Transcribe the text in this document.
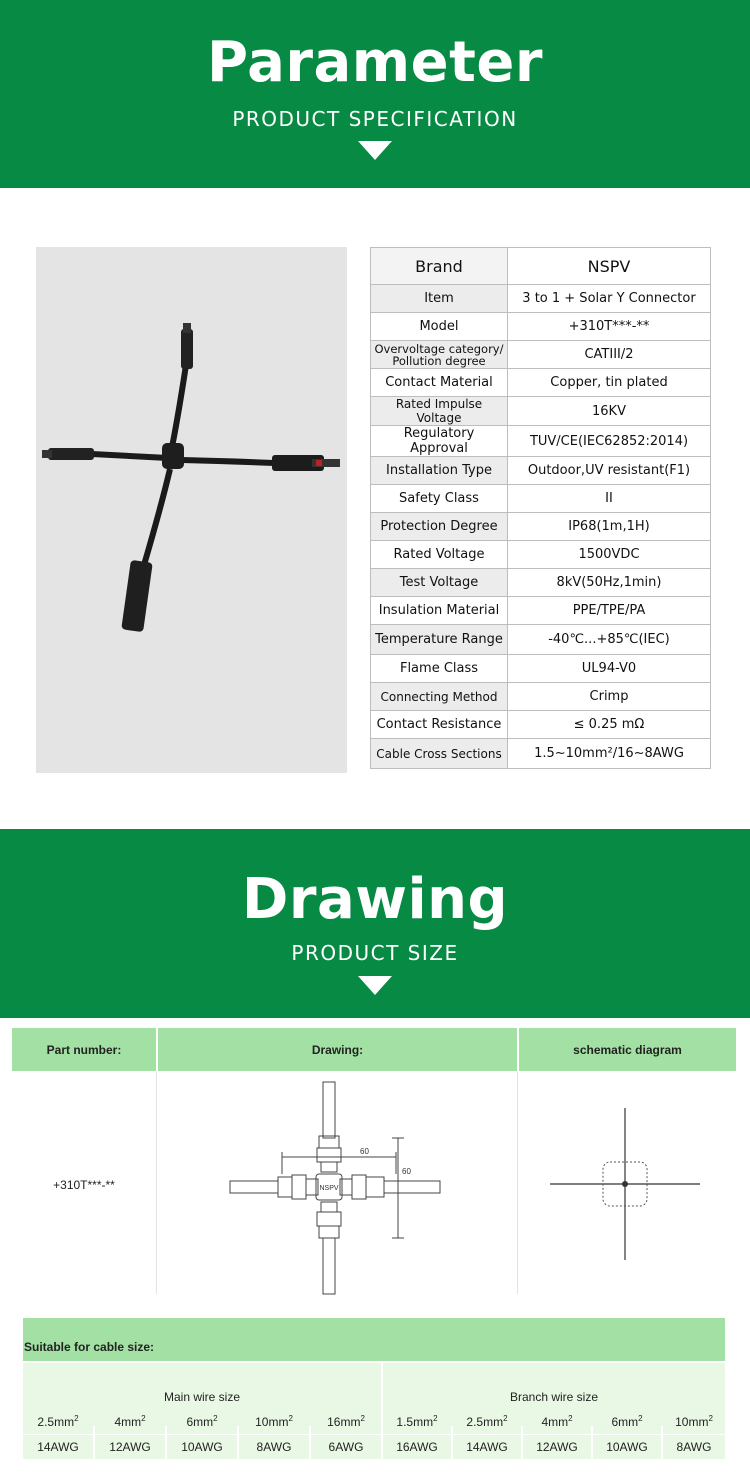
Parameter
PRODUCT SPECIFICATION
Brand	NSPV
Item	3 to 1 + Solar Y Connector
Model	+310T***-**
Overvoltage category/ Pollution degree	CATIII/2
Contact Material	Copper, tin plated
Rated Impulse Voltage	16KV
Regulatory Approval	TUV/CE(IEC62852:2014)
Installation Type	Outdoor,UV resistant(F1)
Safety Class	II
Protection Degree	IP68(1m,1H)
Rated Voltage	1500VDC
Test Voltage	8kV(50Hz,1min)
Insulation Material	PPE/TPE/PA
Temperature Range	-40℃...+85℃(IEC)
Flame Class	UL94-V0
Connecting Method	Crimp
Contact Resistance	≤ 0.25 mΩ
Cable Cross Sections	1.5~10mm²/16~8AWG
Drawing
PRODUCT SIZE
Part number:	Drawing:	schematic diagram
+310T***-**
60
60
NSPV
Suitable for cable size:
Main wire size	Branch wire size
$2.5mm^2$	$4mm^2$	$6mm^2$	$10mm^2$	$16mm^2$
14AWG	12AWG	10AWG	8AWG	6AWG
$1.5mm^2$	$2.5mm^2$	$4mm^2$	$6mm^2$	$10mm^2$
16AWG	14AWG	12AWG	10AWG	8AWG
